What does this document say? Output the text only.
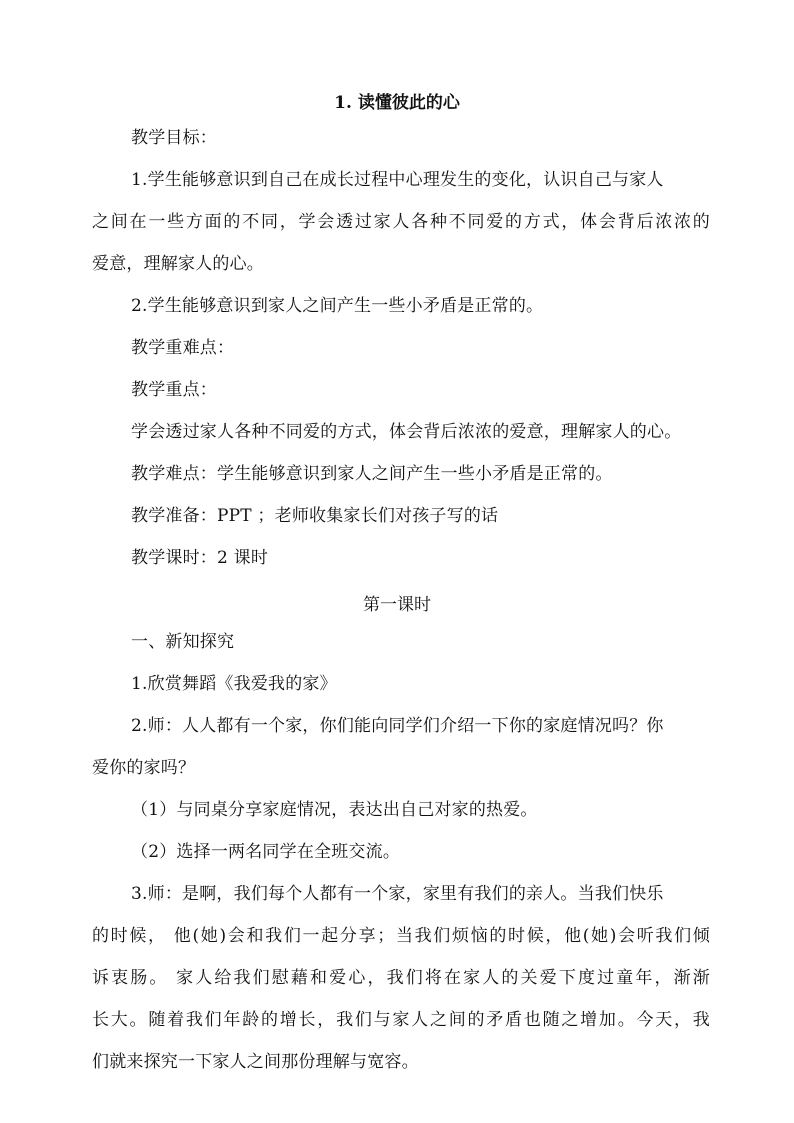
1. 读懂彼此的心
教学目标：
1.学生能够意识到自己在成长过程中心理发生的变化，认识自己与家人
之间在一些方面的不同，学会透过家人各种不同爱的方式，体会背后浓浓的
爱意，理解家人的心。
2.学生能够意识到家人之间产生一些小矛盾是正常的。
教学重难点：
教学重点：
学会透过家人各种不同爱的方式，体会背后浓浓的爱意，理解家人的心。
教学难点：学生能够意识到家人之间产生一些小矛盾是正常的。
教学准备：PPT ；老师收集家长们对孩子写的话
教学课时：2 课时
第一课时
一、新知探究
1.欣赏舞蹈《我爱我的家》
2.师：人人都有一个家，你们能向同学们介绍一下你的家庭情况吗？你
爱你的家吗？
（1）与同桌分享家庭情况，表达出自己对家的热爱。
（2）选择一两名同学在全班交流。
3.师：是啊，我们每个人都有一个家，家里有我们的亲人。当我们快乐
的时候， 他(她)会和我们一起分享；当我们烦恼的时候，他(她)会听我们倾
诉衷肠。 家人给我们慰藉和爱心，我们将在家人的关爱下度过童年，渐渐
长大。随着我们年龄的增长，我们与家人之间的矛盾也随之增加。今天，我
们就来探究一下家人之间那份理解与宽容。
